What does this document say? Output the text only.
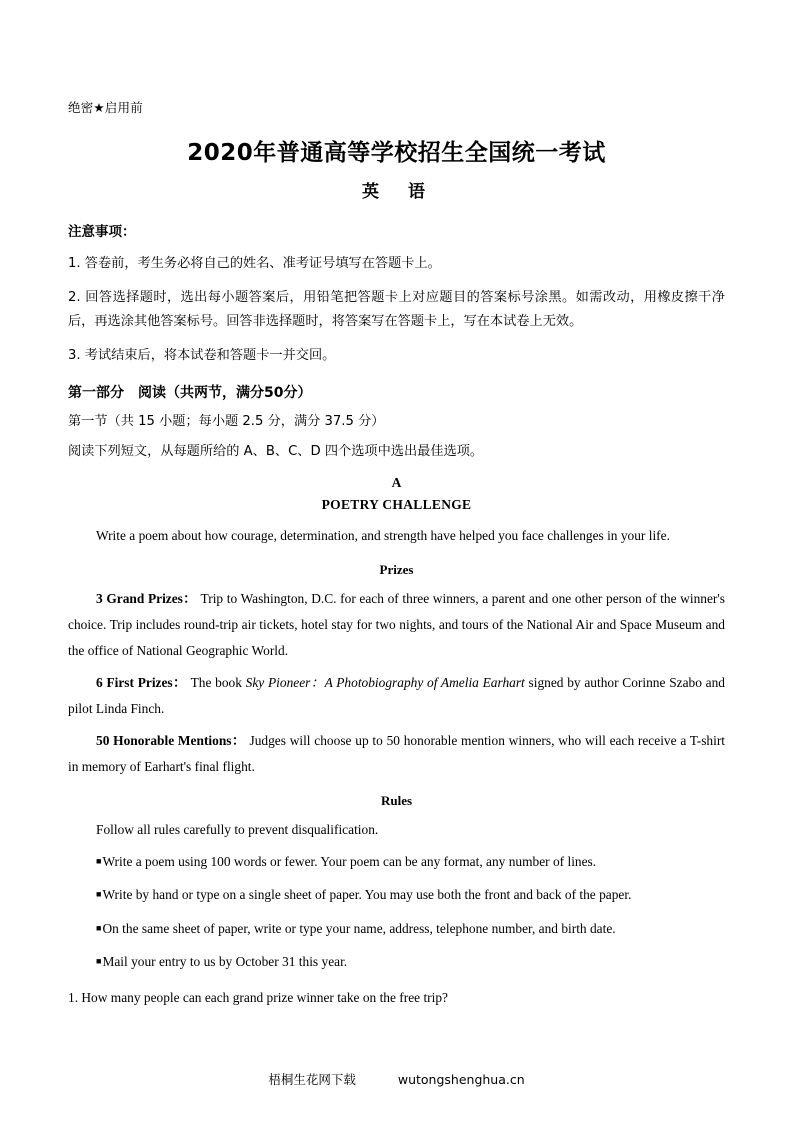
绝密★启用前
2020年普通高等学校招生全国统一考试
英　语
注意事项：

1. 答卷前，考生务必将自己的姓名、准考证号填写在答题卡上。

2. 回答选择题时，选出每小题答案后，用铅笔把答题卡上对应题目的答案标号涂黑。如需改动，用橡皮擦干净后，再选涂其他答案标号。回答非选择题时，将答案写在答题卡上，写在本试卷上无效。

3. 考试结束后，将本试卷和答题卡一并交回。

第一部分 阅读（共两节，满分50分）

第一节（共 15 小题；每小题 2.5 分，满分 37.5 分）

阅读下列短文，从每题所给的 A、B、C、D 四个选项中选出最佳选项。

A
POETRY CHALLENGE

Write a poem about how courage, determination, and strength have helped you face challenges in your life.

Prizes

3 Grand Prizes： Trip to Washington, D.C. for each of three winners, a parent and one other person of the winner's choice. Trip includes round-trip air tickets, hotel stay for two nights, and tours of the National Air and Space Museum and the office of National Geographic World.

6 First Prizes： The book Sky Pioneer：A Photobiography of Amelia Earhart signed by author Corinne Szabo and pilot Linda Finch.

50 Honorable Mentions： Judges will choose up to 50 honorable mention winners, who will each receive a T-shirt in memory of Earhart's final flight.

Rules

Follow all rules carefully to prevent disqualification.

■Write a poem using 100 words or fewer. Your poem can be any format, any number of lines.

■Write by hand or type on a single sheet of paper. You may use both the front and back of the paper.

■On the same sheet of paper, write or type your name, address, telephone number, and birth date.

■Mail your entry to us by October 31 this year.

1. How many people can each grand prize winner take on the free trip?

梧桐生花网下载	wutongshenghua.cn
